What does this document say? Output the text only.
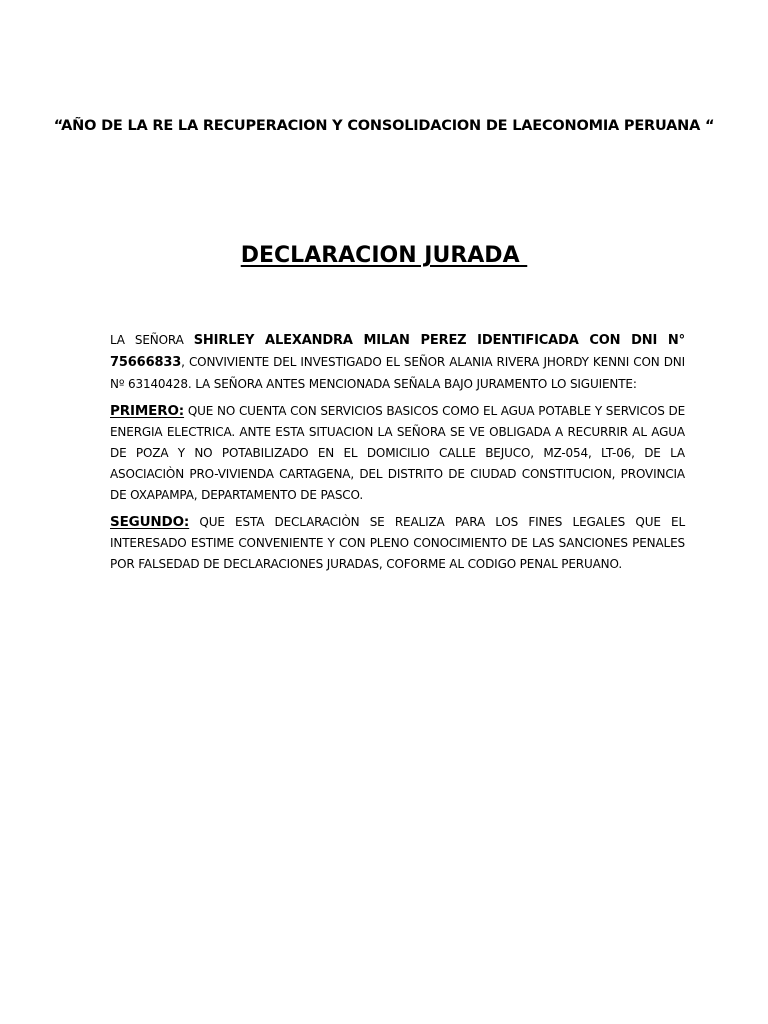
“AÑO DE LA RE LA RECUPERACION Y CONSOLIDACION DE LAECONOMIA PERUANA “
DECLARACION JURADA

LA SEÑORA SHIRLEY ALEXANDRA MILAN PEREZ IDENTIFICADA CON DNI N° 75666833, CONVIVIENTE DEL INVESTIGADO EL SEÑOR ALANIA RIVERA JHORDY KENNI CON DNI Nº 63140428. LA SEÑORA ANTES MENCIONADA SEÑALA BAJO JURAMENTO LO SIGUIENTE:

PRIMERO: QUE NO CUENTA CON SERVICIOS BASICOS COMO EL AGUA POTABLE Y SERVICOS DE ENERGIA ELECTRICA. ANTE ESTA SITUACION LA SEÑORA SE VE OBLIGADA A RECURRIR AL AGUA DE POZA Y NO POTABILIZADO EN EL DOMICILIO CALLE BEJUCO, MZ-054, LT-06, DE LA ASOCIACIÒN PRO-VIVIENDA CARTAGENA, DEL DISTRITO DE CIUDAD CONSTITUCION, PROVINCIA DE OXAPAMPA, DEPARTAMENTO DE PASCO.

SEGUNDO: QUE ESTA DECLARACIÒN SE REALIZA PARA LOS FINES LEGALES QUE EL INTERESADO ESTIME CONVENIENTE Y CON PLENO CONOCIMIENTO DE LAS SANCIONES PENALES POR FALSEDAD DE DECLARACIONES JURADAS, COFORME AL CODIGO PENAL PERUANO.
